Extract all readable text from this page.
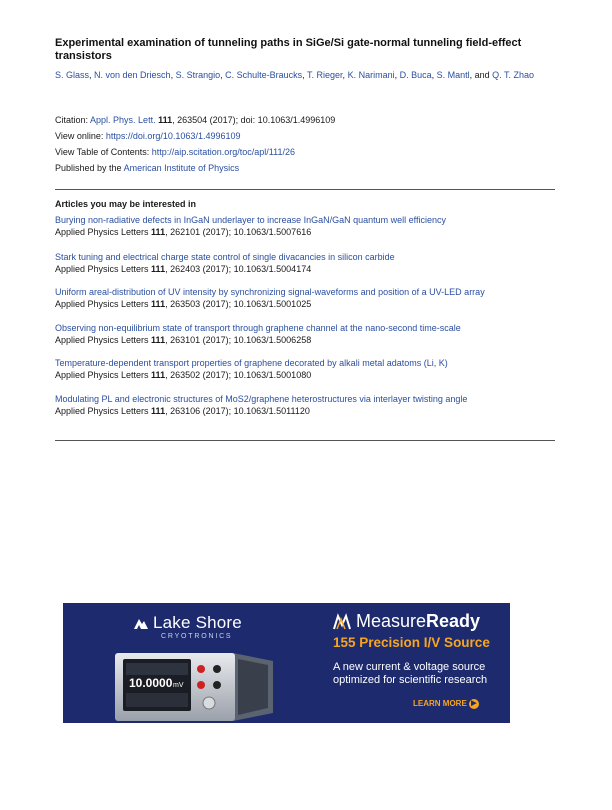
Experimental examination of tunneling paths in SiGe/Si gate-normal tunneling field-effect transistors
S. Glass, N. von den Driesch, S. Strangio, C. Schulte-Braucks, T. Rieger, K. Narimani, D. Buca, S. Mantl, and Q. T. Zhao
Citation: Appl. Phys. Lett. 111, 263504 (2017); doi: 10.1063/1.4996109
View online: https://doi.org/10.1063/1.4996109
View Table of Contents: http://aip.scitation.org/toc/apl/111/26
Published by the American Institute of Physics
Articles you may be interested in
Burying non-radiative defects in InGaN underlayer to increase InGaN/GaN quantum well efficiency
Applied Physics Letters 111, 262101 (2017); 10.1063/1.5007616
Stark tuning and electrical charge state control of single divacancies in silicon carbide
Applied Physics Letters 111, 262403 (2017); 10.1063/1.5004174
Uniform areal-distribution of UV intensity by synchronizing signal-waveforms and position of a UV-LED array
Applied Physics Letters 111, 263503 (2017); 10.1063/1.5001025
Observing non-equilibrium state of transport through graphene channel at the nano-second time-scale
Applied Physics Letters 111, 263101 (2017); 10.1063/1.5006258
Temperature-dependent transport properties of graphene decorated by alkali metal adatoms (Li, K)
Applied Physics Letters 111, 263502 (2017); 10.1063/1.5001080
Modulating PL and electronic structures of MoS2/graphene heterostructures via interlayer twisting angle
Applied Physics Letters 111, 263106 (2017); 10.1063/1.5011120
Lake Shore
CRYOTRONICS
10.0000 mV
MeasureReady
155 Precision I/V Source
A new current & voltage source optimized for scientific research
LEARN MORE ▶
